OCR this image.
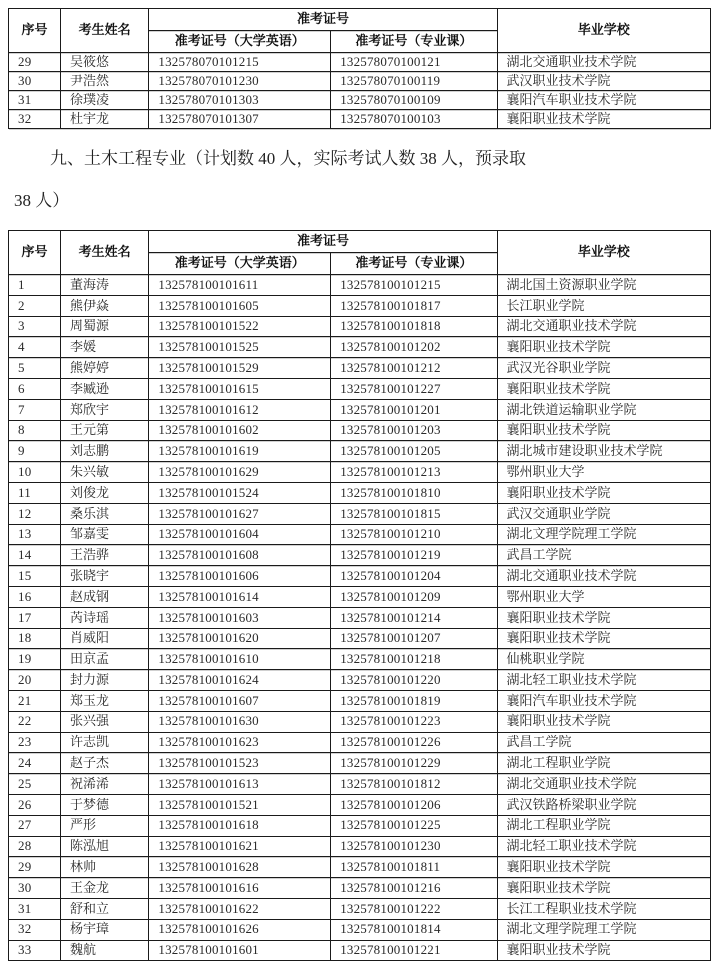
序号	考生姓名	准考证号		毕业学校
		准考证号（大学英语）	准考证号（专业课）	
29	吴筱悠	132578070101215	132578070100121	湖北交通职业技术学院
30	尹浩然	132578070101230	132578070100119	武汉职业技术学院
31	徐璞凌	132578070101303	132578070100109	襄阳汽车职业技术学院
32	杜宇龙	132578070101307	132578070100103	襄阳职业技术学院
九、土木工程专业（计划数 40 人，实际考试人数 38 人，预录取
38 人）
序号	考生姓名	准考证号		毕业学校
		准考证号（大学英语）	准考证号（专业课）	
1	董海涛	132578100101611	132578100101215	湖北国土资源职业学院
2	熊伊焱	132578100101605	132578100101817	长江职业学院
3	周蜀源	132578100101522	132578100101818	湖北交通职业技术学院
4	李媛	132578100101525	132578100101202	襄阳职业技术学院
5	熊婷婷	132578100101529	132578100101212	武汉光谷职业学院
6	李臧逊	132578100101615	132578100101227	襄阳职业技术学院
7	郑欣宇	132578100101612	132578100101201	湖北铁道运输职业学院
8	王元第	132578100101602	132578100101203	襄阳职业技术学院
9	刘志鹏	132578100101619	132578100101205	湖北城市建设职业技术学院
10	朱兴敏	132578100101629	132578100101213	鄂州职业大学
11	刘俊龙	132578100101524	132578100101810	襄阳职业技术学院
12	桑乐淇	132578100101627	132578100101815	武汉交通职业学院
13	邹嘉雯	132578100101604	132578100101210	湖北文理学院理工学院
14	王浩骅	132578100101608	132578100101219	武昌工学院
15	张晓宇	132578100101606	132578100101204	湖北交通职业技术学院
16	赵成钢	132578100101614	132578100101209	鄂州职业大学
17	芮诗瑶	132578100101603	132578100101214	襄阳职业技术学院
18	肖威阳	132578100101620	132578100101207	襄阳职业技术学院
19	田京孟	132578100101610	132578100101218	仙桃职业学院
20	封力源	132578100101624	132578100101220	湖北轻工职业技术学院
21	郑玉龙	132578100101607	132578100101819	襄阳汽车职业技术学院
22	张兴强	132578100101630	132578100101223	襄阳职业技术学院
23	许志凯	132578100101623	132578100101226	武昌工学院
24	赵子杰	132578100101523	132578100101229	湖北工程职业学院
25	祝浠浠	132578100101613	132578100101812	湖北交通职业技术学院
26	于梦德	132578100101521	132578100101206	武汉铁路桥梁职业学院
27	严形	132578100101618	132578100101225	湖北工程职业学院
28	陈泓旭	132578100101621	132578100101230	湖北轻工职业技术学院
29	林帅	132578100101628	132578100101811	襄阳职业技术学院
30	王金龙	132578100101616	132578100101216	襄阳职业技术学院
31	舒和立	132578100101622	132578100101222	长江工程职业技术学院
32	杨宇璋	132578100101626	132578100101814	湖北文理学院理工学院
33	魏航	132578100101601	132578100101221	襄阳职业技术学院
